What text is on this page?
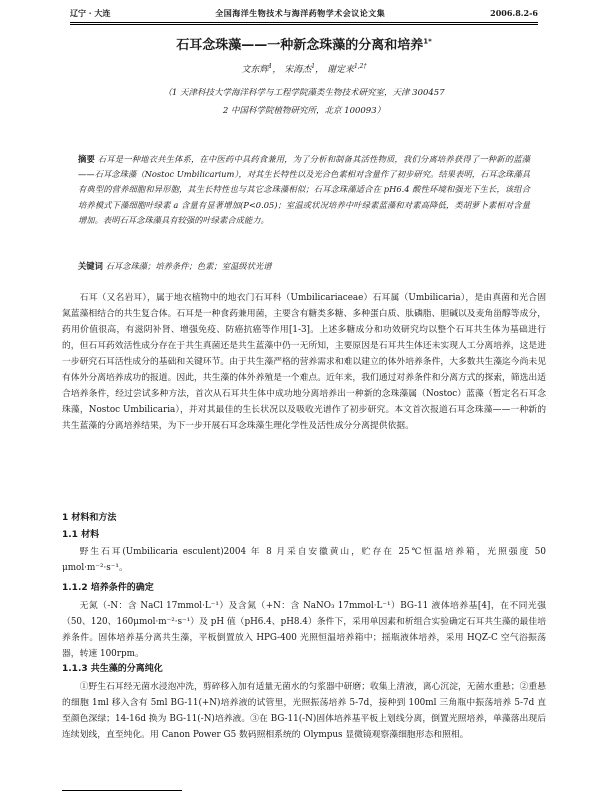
辽宁 · 大连	全国海洋生物技术与海洋药物学术会议论文集	2006.8.2-6
石耳念珠藻——一种新念珠藻的分离和培养$^{1*}$
文东辉$^1$， 宋海杰$^1$， 谢定来$^{1,2\dagger}$
（1 天津科技大学海洋科学与工程学院藻类生物技术研究室，天津 300457
2 中国科学院植物研究所，北京 100093）

摘要 石耳是一种地衣共生体系，在中医药中具药食兼用，为了分析和制备其活性物质，我们分离培养获得了一种新的蓝藻——石耳念珠藻（Nostoc Umbilicarium），对其生长特性以及光合色素相对含量作了初步研究。结果表明，石耳念珠藻具有典型的营养细胞和异形胞，其生长特性也与其它念珠藻相似；石耳念珠藻适合在 pH6.4 酸性环境和强光下生长，该组合培养模式下藻细胞叶绿素 a 含量有显著增加(P<0.05)；室温或状况培养中叶绿素蓝藻和对素高降低，类胡萝卜素相对含量增加。表明石耳念珠藻具有较强的叶绿素合成能力。

关键词 石耳念珠藻；培养条件；色素；室温级状光谱

石耳（又名岩耳），属于地衣植物中的地衣门石耳科（Umbilicariaceae）石耳属（Umbilicaria），是由真菌和光合固氮蓝藻相结合的共生复合体。石耳是一种食药兼用菌，主要含有糖类多糖、多种蛋白质、肽磷脂、胆碱以及麦角甾醇等成分，药用价值很高，有滋阴补肾、增强免疫、防癌抗癌等作用[1-3]。上述多糖成分和功效研究均以整个石耳共生体为基础进行的，但石耳药效活性成分存在于共生真菌还是共生蓝藻中仍一无所知，主要原因是石耳共生体还未实现人工分离培养，这是进一步研究石耳活性成分的基础和关键环节。由于共生藻严格的营养需求和难以建立的体外培养条件，大多数共生藻迄今尚未见有体外分离培养成功的报道。因此，共生藻的体外养殖是一个难点。近年来，我们通过对养条件和分离方式的探索，筛选出适合培养条件，经过尝试多种方法，首次从石耳共生体中成功地分离培养出一种新的念珠藻属（Nostoc）蓝藻（暂定名石耳念珠藻，Nostoc Umbilicaria），并对其最佳的生长状况以及吸收光谱作了初步研究。本文首次报道石耳念珠藻——一种新的共生蓝藻的分离培养结果，为下一步开展石耳念珠藻生理化学性及活性成分分离提供依据。

1 材料和方法
1.1 材料

野生石耳(Umbilicaria esculent)2004 年 8 月采自安徽黄山，贮存在 25℃恒温培养箱，光照强度 50 μmol·m⁻²·s⁻¹。

1.1.2 培养条件的确定

无氮（-N：含 NaCl 17mmol·L⁻¹）及含氮（+N：含 NaNO₃ 17mmol·L⁻¹）BG-11 液体培养基[4]，在不同光强（50、120、160μmol·m⁻²·s⁻¹）及 pH 值（pH6.4、pH8.4）条件下，采用单因素和析组合实验确定石耳共生藻的最佳培养条件。固体培养基分离共生藻，平板倒置放入 HPG-400 光照恒温培养箱中；摇瓶液体培养，采用 HQZ-C 空气浴振荡器，转速 100rpm。

1.1.3 共生藻的分离纯化

①野生石耳经无菌水浸泡冲洗，剪碎移入加有适量无菌水的匀浆器中研磨；收集上清液，离心沉淀，无菌水重悬；②重悬的细胞 1ml 移入含有 5ml BG-11(+N)培养液的试管里，光照振荡培养 5-7d，接种到 100ml 三角瓶中振荡培养 5-7d 直至颜色深绿；14-16d 换为 BG-11(-N)培养液。③在 BG-11(-N)固体培养基平板上划线分离，倒置光照培养，单藻落出现后连续划线，直至纯化。用 Canon Power G5 数码照相系统的 Olympus 显微镜观察藻细胞形态和照相。
